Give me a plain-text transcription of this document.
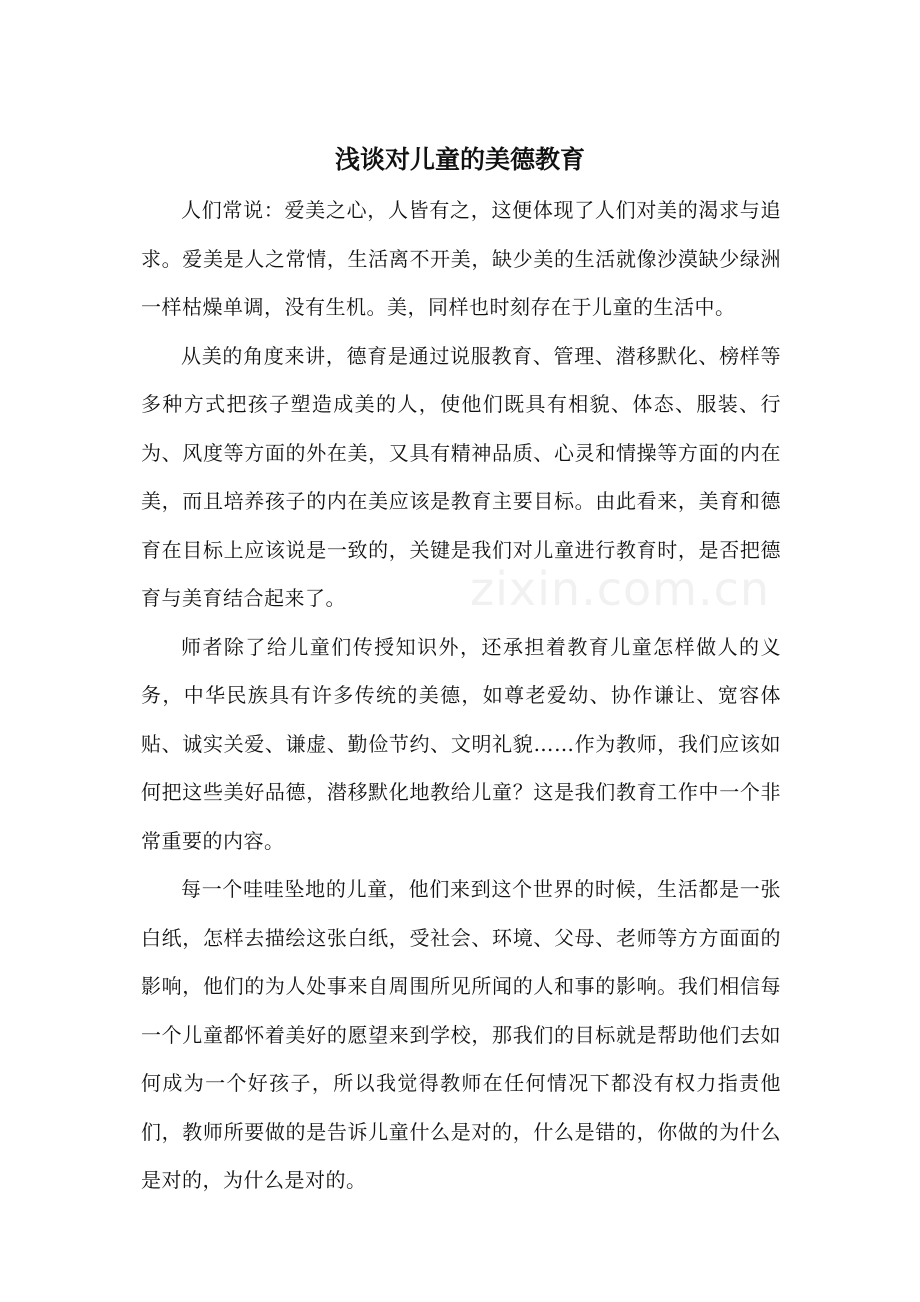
浅谈对儿童的美德教育

人们常说：爱美之心，人皆有之，这便体现了人们对美的渴求与追求。爱美是人之常情，生活离不开美，缺少美的生活就像沙漠缺少绿洲一样枯燥单调，没有生机。美，同样也时刻存在于儿童的生活中。

从美的角度来讲，德育是通过说服教育、管理、潜移默化、榜样等多种方式把孩子塑造成美的人，使他们既具有相貌、体态、服装、行为、风度等方面的外在美，又具有精神品质、心灵和情操等方面的内在美，而且培养孩子的内在美应该是教育主要目标。由此看来，美育和德育在目标上应该说是一致的，关键是我们对儿童进行教育时，是否把德育与美育结合起来了。

师者除了给儿童们传授知识外，还承担着教育儿童怎样做人的义务，中华民族具有许多传统的美德，如尊老爱幼、协作谦让、宽容体贴、诚实关爱、谦虚、勤俭节约、文明礼貌……作为教师，我们应该如何把这些美好品德，潜移默化地教给儿童？这是我们教育工作中一个非常重要的内容。

每一个哇哇坠地的儿童，他们来到这个世界的时候，生活都是一张白纸，怎样去描绘这张白纸，受社会、环境、父母、老师等方方面面的影响，他们的为人处事来自周围所见所闻的人和事的影响。我们相信每一个儿童都怀着美好的愿望来到学校，那我们的目标就是帮助他们去如何成为一个好孩子，所以我觉得教师在任何情况下都没有权力指责他们，教师所要做的是告诉儿童什么是对的，什么是错的，你做的为什么是对的，为什么是对的。

zixin.com.cn
